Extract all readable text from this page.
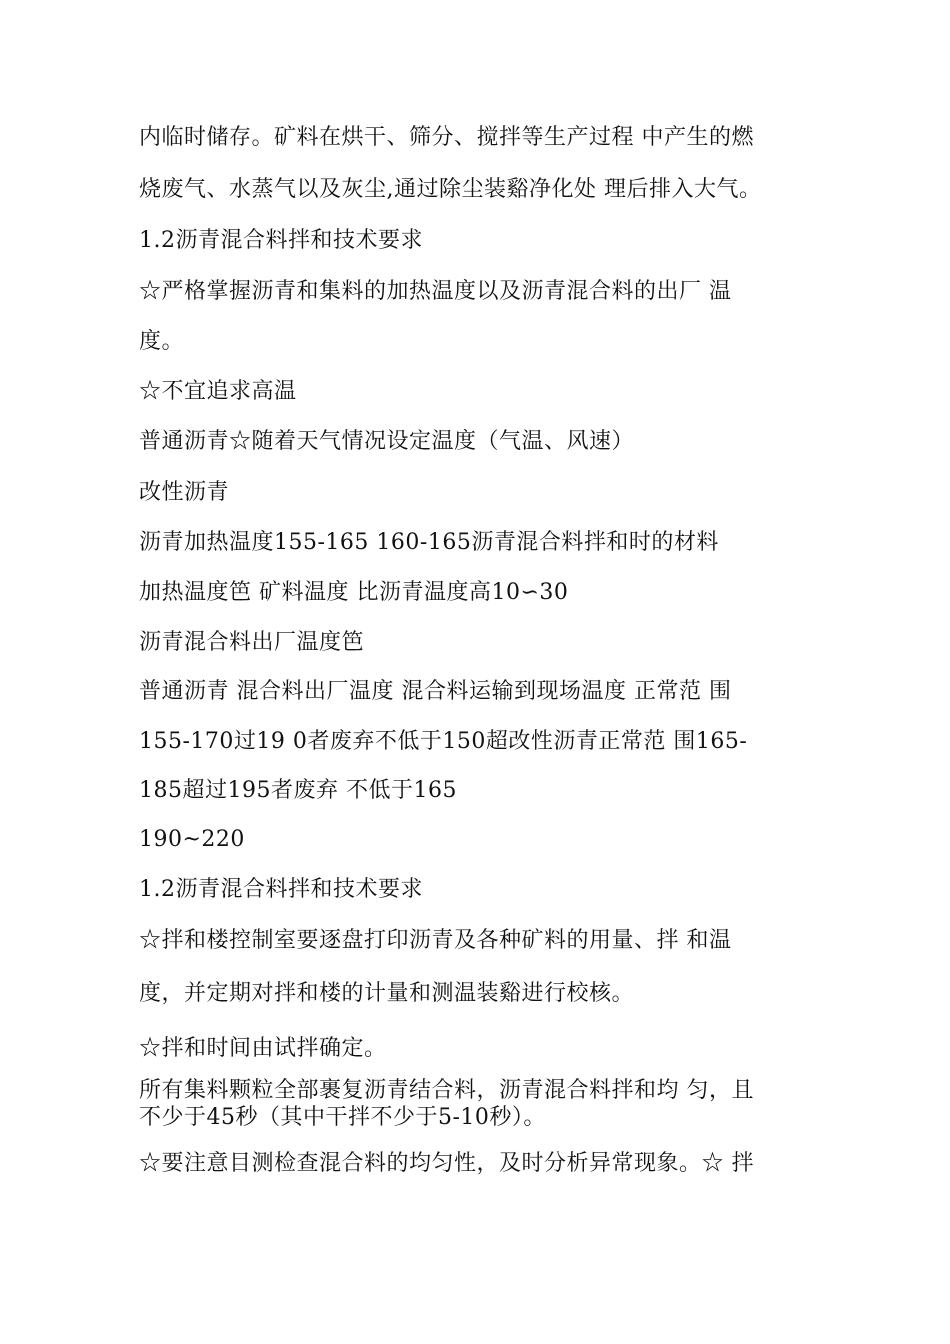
内临时储存。矿料在烘干、筛分、搅拌等生产过程 中产生的燃
烧废气、水蒸气以及灰尘,通过除尘装谿净化处 理后排入大气。
1.2沥青混合料拌和技术要求
☆严格掌握沥青和集料的加热温度以及沥青混合料的出厂 温
度。
☆不宜追求高温
普通沥青☆随着天气情况设定温度（气温、风速）
改性沥青
沥青加热温度155-165 160-165沥青混合料拌和时的材料
加热温度笆 矿料温度 比沥青温度高10∽30
沥青混合料出厂温度笆
普通沥青 混合料出厂温度 混合料运输到现场温度 正常范 围
155-170过19 0者废弃不低于150超改性沥青正常范 围165-
185超过195者废弃 不低于165
190~220
1.2沥青混合料拌和技术要求
☆拌和楼控制室要逐盘打印沥青及各种矿料的用量、拌 和温
度，并定期对拌和楼的计量和测温装谿进行校核。
☆拌和时间由试拌确定。
所有集料颗粒全部裹复沥青结合料，沥青混合料拌和均 匀，且
不少于45秒（其中干拌不少于5-10秒）。
☆要注意目测检查混合料的均匀性，及时分析异常现象。☆ 拌
